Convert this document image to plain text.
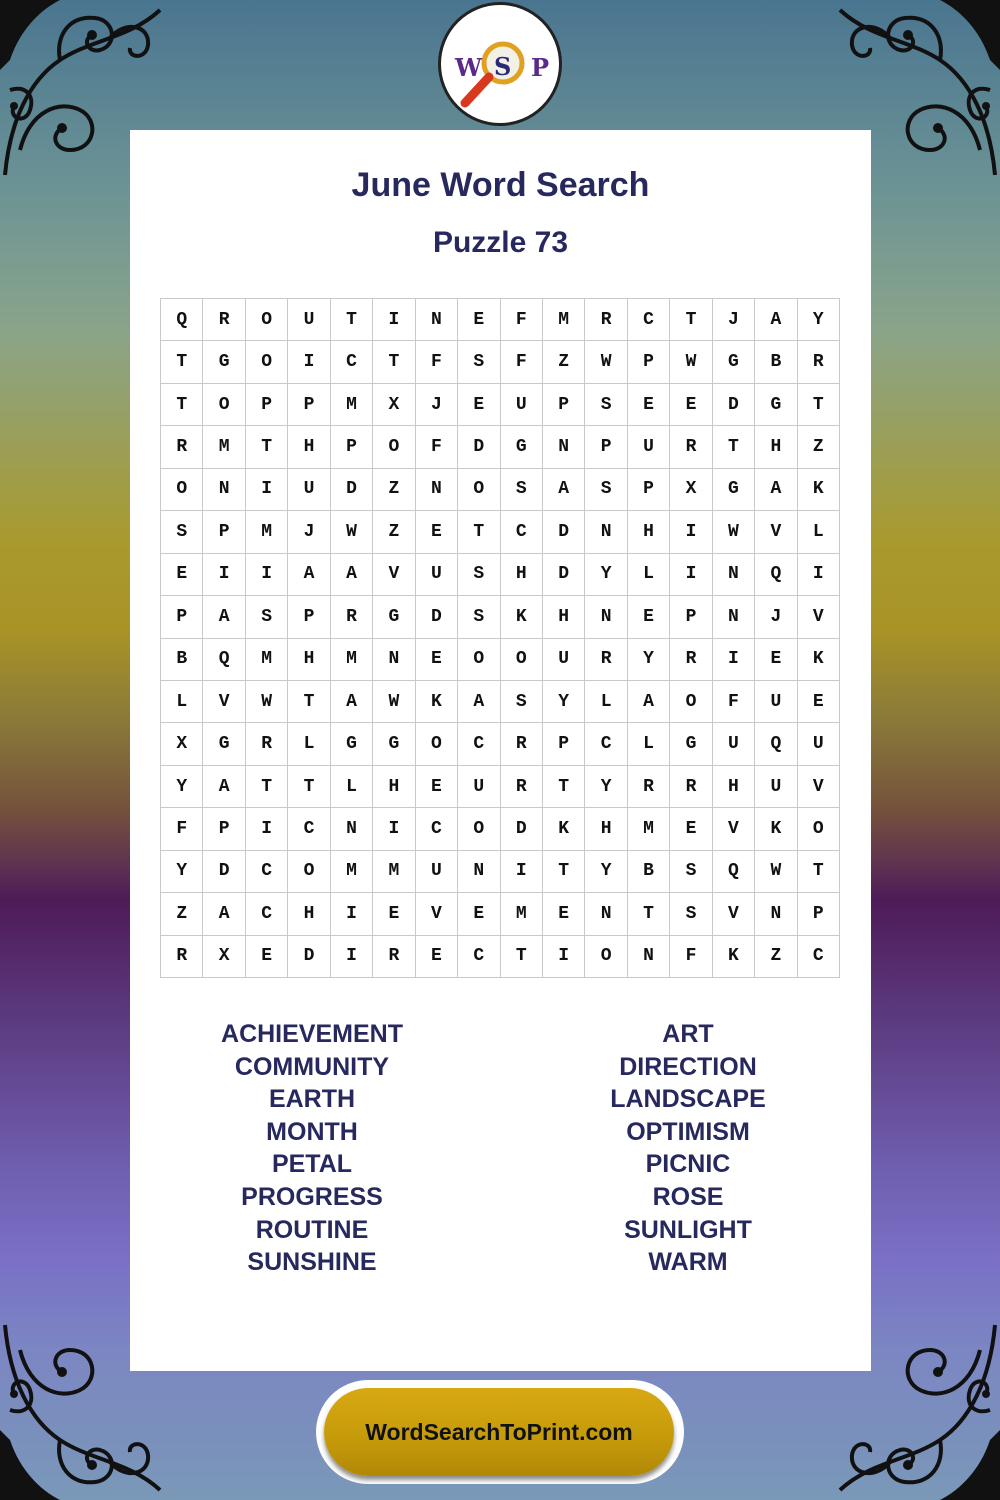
W S P
June Word Search
Puzzle 73
Q	R	O	U	T	I	N	E	F	M	R	C	T	J	A	Y
T	G	O	I	C	T	F	S	F	Z	W	P	W	G	B	R
T	O	P	P	M	X	J	E	U	P	S	E	E	D	G	T
R	M	T	H	P	O	F	D	G	N	P	U	R	T	H	Z
O	N	I	U	D	Z	N	O	S	A	S	P	X	G	A	K
S	P	M	J	W	Z	E	T	C	D	N	H	I	W	V	L
E	I	I	A	A	V	U	S	H	D	Y	L	I	N	Q	I
P	A	S	P	R	G	D	S	K	H	N	E	P	N	J	V
B	Q	M	H	M	N	E	O	O	U	R	Y	R	I	E	K
L	V	W	T	A	W	K	A	S	Y	L	A	O	F	U	E
X	G	R	L	G	G	O	C	R	P	C	L	G	U	Q	U
Y	A	T	T	L	H	E	U	R	T	Y	R	R	H	U	V
F	P	I	C	N	I	C	O	D	K	H	M	E	V	K	O
Y	D	C	O	M	M	U	N	I	T	Y	B	S	Q	W	T
Z	A	C	H	I	E	V	E	M	E	N	T	S	V	N	P
R	X	E	D	I	R	E	C	T	I	O	N	F	K	Z	C
ACHIEVEMENT
COMMUNITY
EARTH
MONTH
PETAL
PROGRESS
ROUTINE
SUNSHINE
ART
DIRECTION
LANDSCAPE
OPTIMISM
PICNIC
ROSE
SUNLIGHT
WARM
WordSearchToPrint.com
